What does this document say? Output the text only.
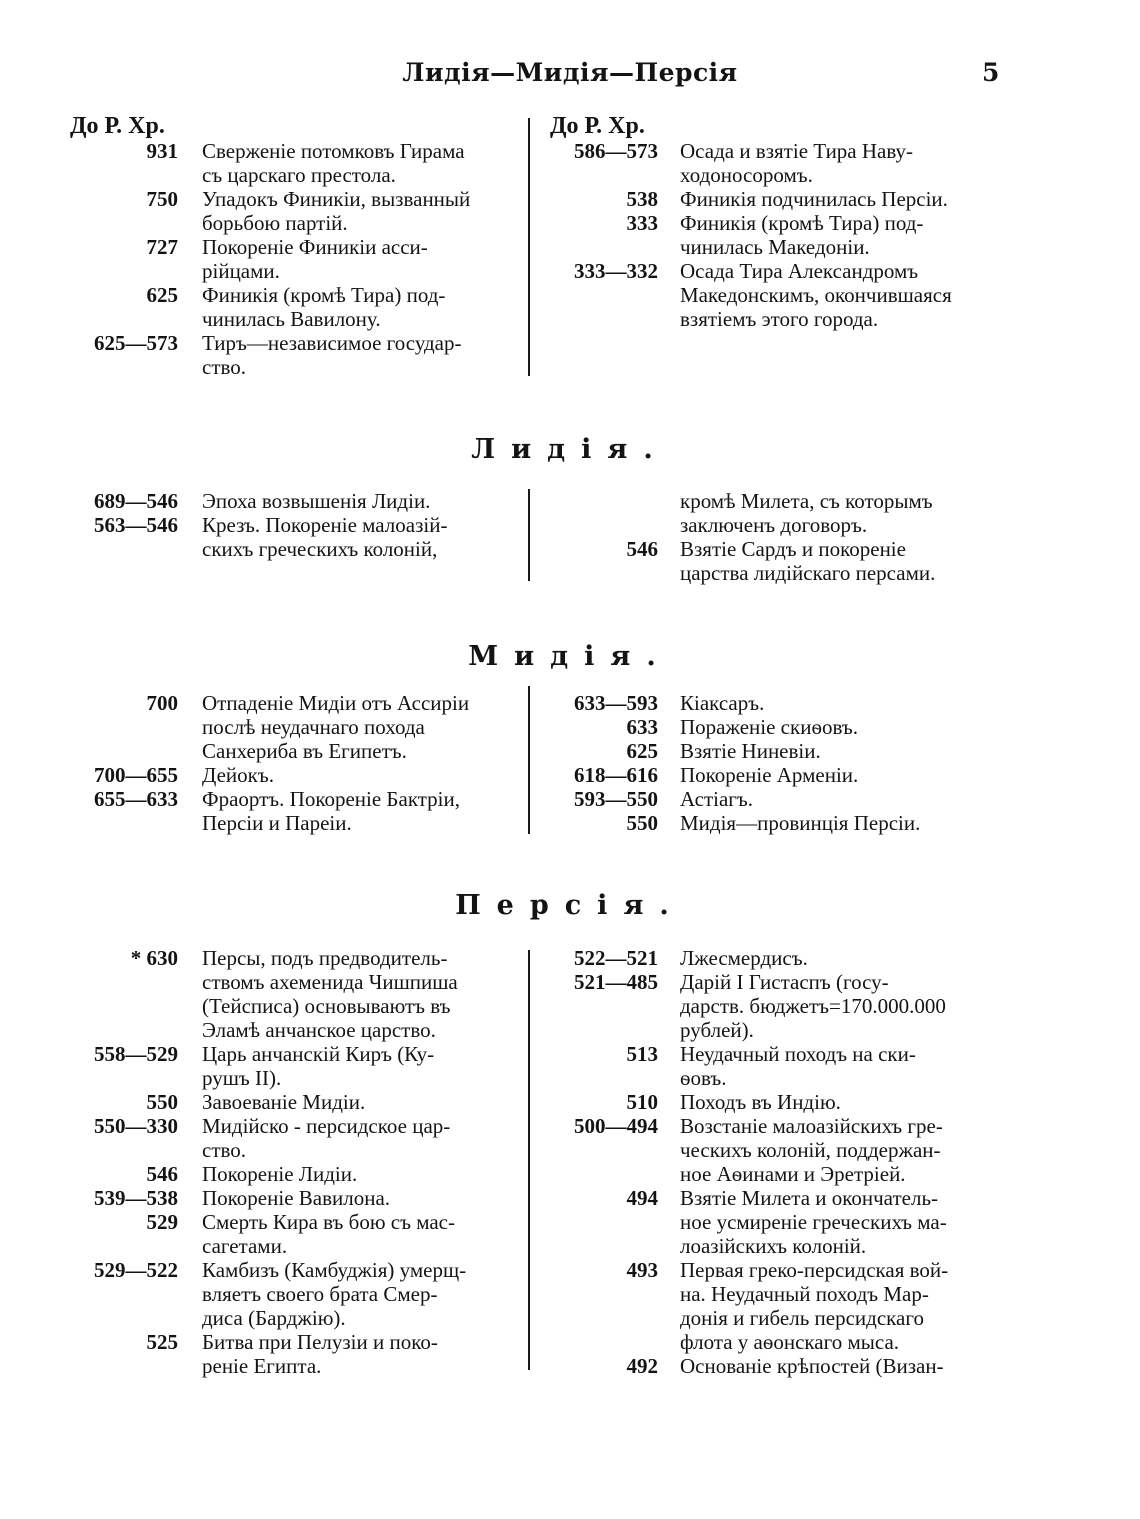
Лидія—Мидія—Персія	5
До Р. Хр.	До Р. Хр.
931 Сверженіе потомковъ Гирама
съ царскаго престола.
750 Упадокъ Финикіи, вызванный
борьбою партій.
727 Покореніе Финикіи асси-
рійцами.
625 Финикія (кромѣ Тира) под-
чинилась Вавилону.
625—573 Тиръ—независимое государ-
ство.
586—573 Осада и взятіе Тира Наву-
ходоносоромъ.
538 Финикія подчинилась Персіи.
333 Финикія (кромѣ Тира) под-
чинилась Македоніи.
333—332 Осада Тира Александромъ
Македонскимъ, окончившаяся
взятіемъ этого города.
Лидія.
689—546 Эпоха возвышенія Лидіи.
563—546 Крезъ. Покореніе малоазій-
скихъ греческихъ колоній,
кромѣ Милета, съ которымъ
заключенъ договоръ.
546 Взятіе Сардъ и покореніе
царства лидійскаго персами.
Мидія.
700 Отпаденіе Мидіи отъ Ассиріи
послѣ неудачнаго похода
Санхериба въ Египетъ.
700—655 Дейокъ.
655—633 Фраортъ. Покореніе Бактріи,
Персіи и Пареіи.
633—593 Кіаксаръ.
633 Пораженіе скиѳовъ.
625 Взятіе Ниневіи.
618—616 Покореніе Арменіи.
593—550 Астіагъ.
550 Мидія—провинція Персіи.
Персія.
* 630 Персы, подъ предводитель-
ствомъ ахеменида Чишпиша
(Тейсписа) основываютъ въ
Эламѣ анчанское царство.
558—529 Царь анчанскій Киръ (Ку-
рушъ II).
550 Завоеваніе Мидіи.
550—330 Мидійско - персидское цар-
ство.
546 Покореніе Лидіи.
539—538 Покореніе Вавилона.
529 Смерть Кира въ бою съ мас-
сагетами.
529—522 Камбизъ (Камбуджія) умерщ-
вляетъ своего брата Смер-
диса (Барджію).
525 Битва при Пелузіи и поко-
реніе Египта.
522—521 Лжесмердисъ.
521—485 Дарій I Гистаспъ (госу-
дарств. бюджетъ=170.000.000
рублей).
513 Неудачный походъ на ски-
ѳовъ.
510 Походъ въ Индію.
500—494 Возстаніе малоазійскихъ гре-
ческихъ колоній, поддержан-
ное Аѳинами и Эретріей.
494 Взятіе Милета и окончатель-
ное усмиреніе греческихъ ма-
лоазійскихъ колоній.
493 Первая греко-персидская вой-
на. Неудачный походъ Мар-
донія и гибель персидскаго
флота у аѳонскаго мыса.
492 Основаніе крѣпостей (Визан-
